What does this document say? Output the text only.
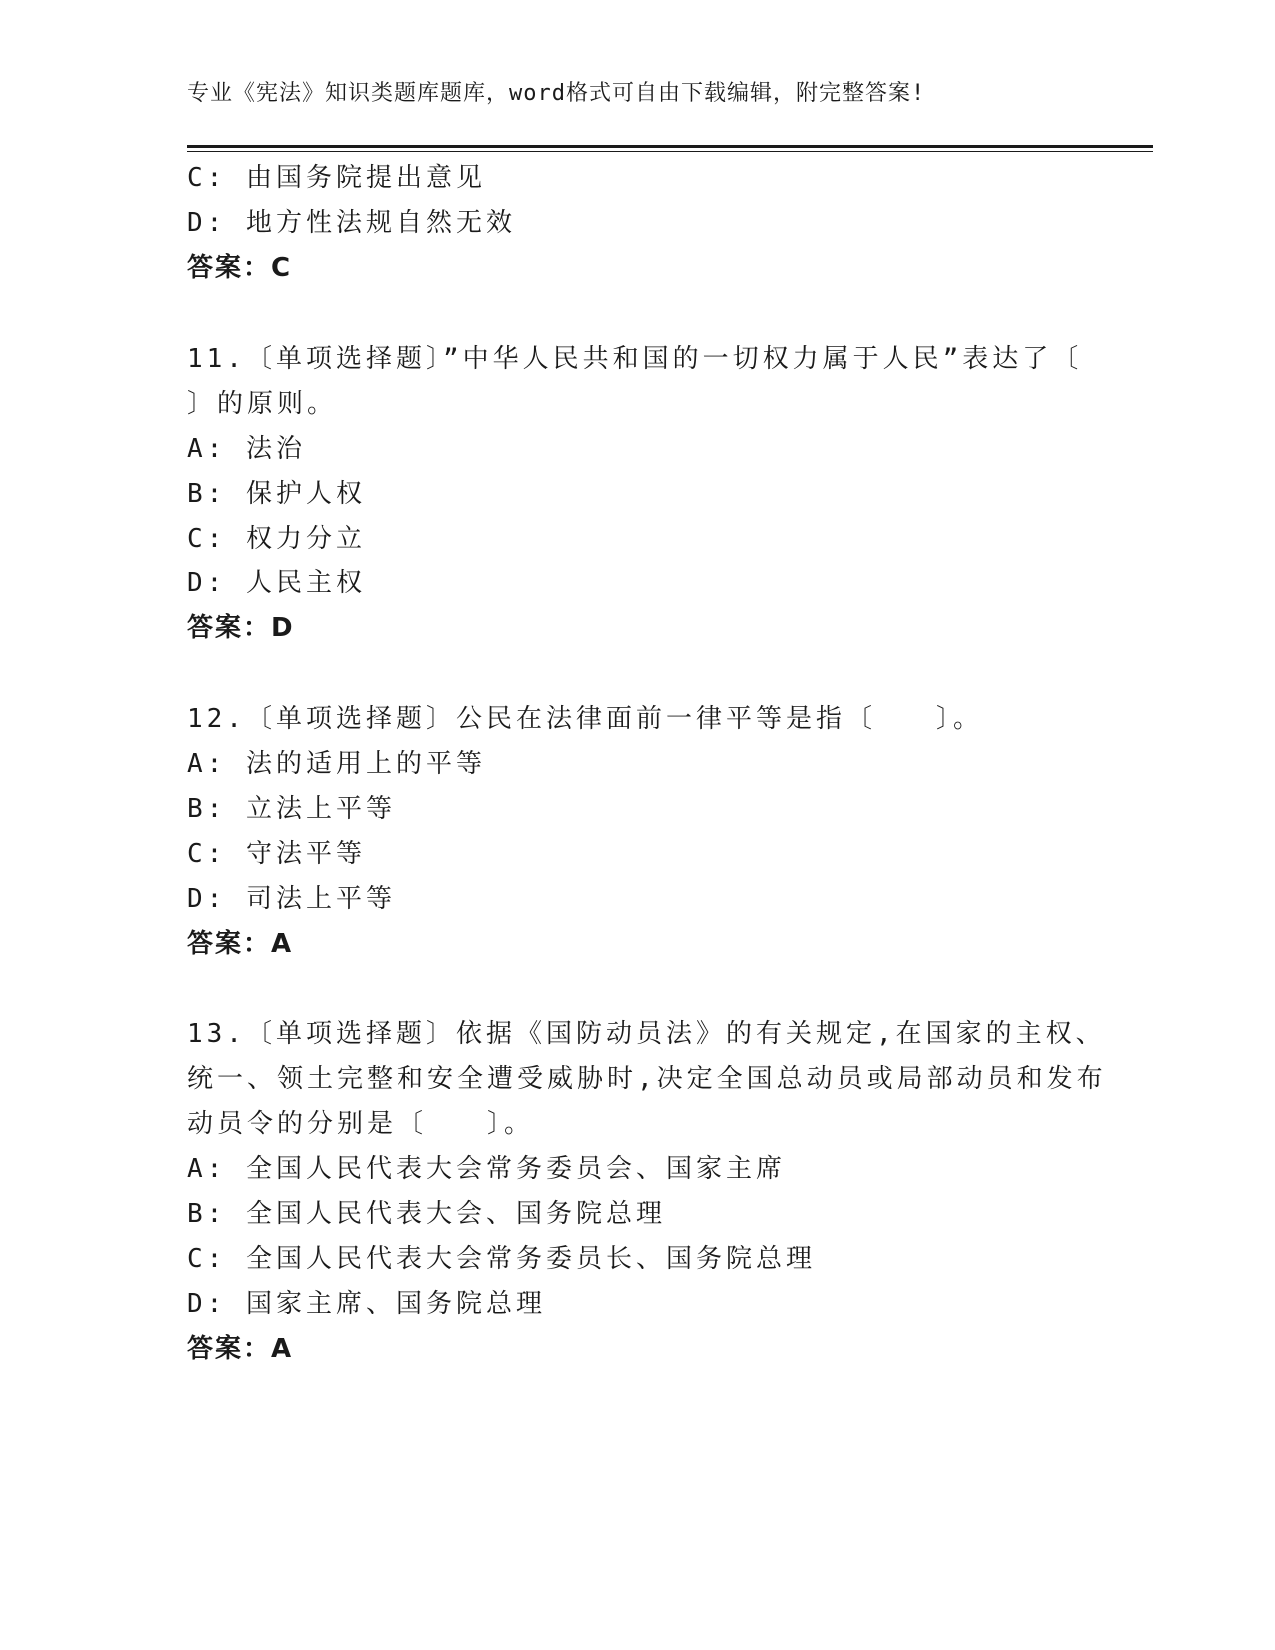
专业《宪法》知识类题库题库，word格式可自由下载编辑，附完整答案!
C: 由国务院提出意见
D: 地方性法规自然无效
答案：C
11.〔单项选择题〕”中华人民共和国的一切权力属于人民”表达了〔
〕的原则。
A: 法治
B: 保护人权
C: 权力分立
D: 人民主权
答案：D
12.〔单项选择题〕公民在法律面前一律平等是指〔　　〕。
A: 法的适用上的平等
B: 立法上平等
C: 守法平等
D: 司法上平等
答案：A
13.〔单项选择题〕依据《国防动员法》的有关规定,在国家的主权、
统一、领土完整和安全遭受威胁时,决定全国总动员或局部动员和发布
动员令的分别是〔　　〕。
A: 全国人民代表大会常务委员会、国家主席
B: 全国人民代表大会、国务院总理
C: 全国人民代表大会常务委员长、国务院总理
D: 国家主席、国务院总理
答案：A
